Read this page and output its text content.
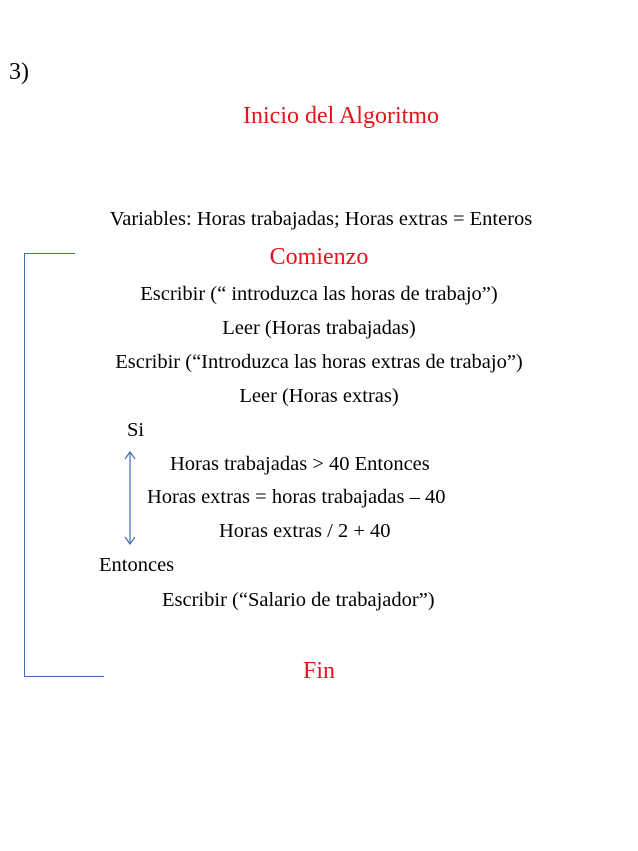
3)
Inicio del Algoritmo
Variables: Horas trabajadas; Horas extras = Enteros
Comienzo
Escribir (“ introduzca las horas de trabajo”)
Leer (Horas trabajadas)
Escribir (“Introduzca las horas extras de trabajo”)
Leer (Horas extras)
Si
Horas trabajadas > 40 Entonces
Horas extras = horas trabajadas – 40
Horas extras / 2 + 40
Entonces
Escribir (“Salario de trabajador”)
Fin
